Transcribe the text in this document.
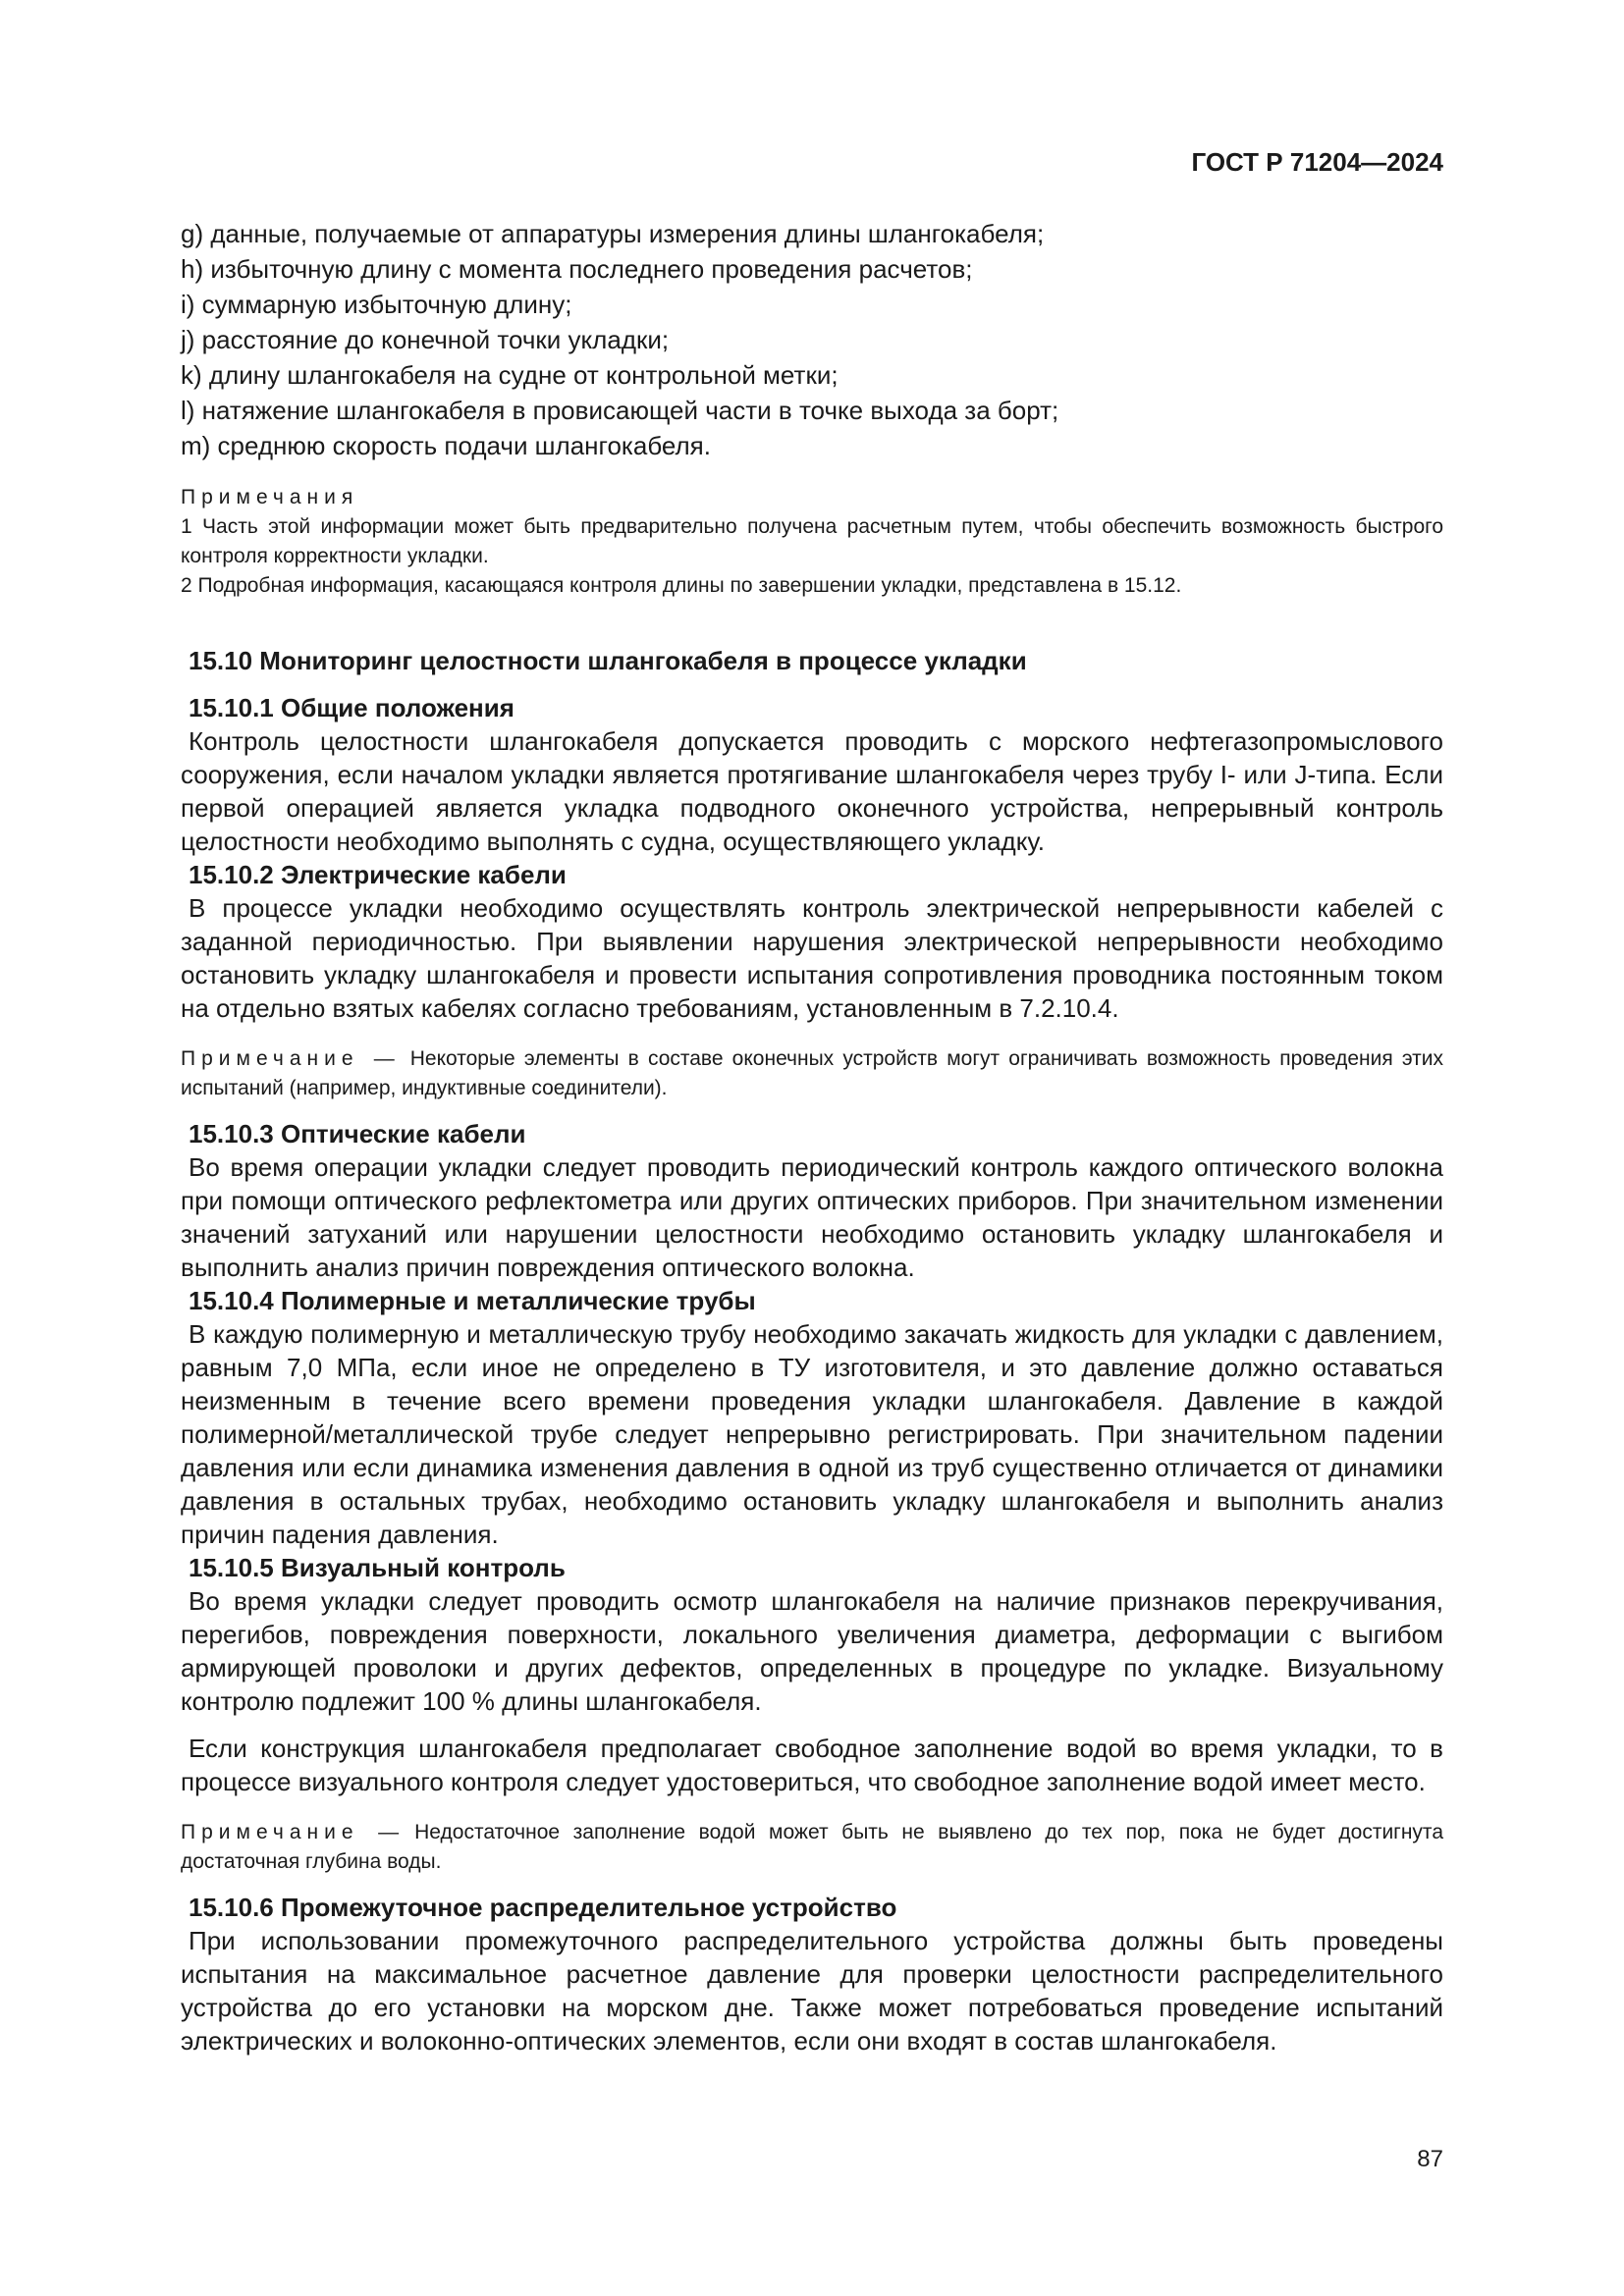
ГОСТ Р 71204—2024

g) данные, получаемые от аппаратуры измерения длины шлангокабеля;

h) избыточную длину с момента последнего проведения расчетов;

i) суммарную избыточную длину;

j) расстояние до конечной точки укладки;

k) длину шлангокабеля на судне от контрольной метки;

l) натяжение шлангокабеля в провисающей части в точке выхода за борт;

m) среднюю скорость подачи шлангокабеля.

Примечания

1 Часть этой информации может быть предварительно получена расчетным путем, чтобы обеспечить возможность быстрого контроля корректности укладки.

2 Подробная информация, касающаяся контроля длины по завершении укладки, представлена в 15.12.

15.10 Мониторинг целостности шлангокабеля в процессе укладки

15.10.1 Общие положения

Контроль целостности шлангокабеля допускается проводить с морского нефтегазопромыслового сооружения, если началом укладки является протягивание шлангокабеля через трубу I- или J-типа. Если первой операцией является укладка подводного оконечного устройства, непрерывный контроль целостности необходимо выполнять с судна, осуществляющего укладку.

15.10.2 Электрические кабели

В процессе укладки необходимо осуществлять контроль электрической непрерывности кабелей с заданной периодичностью. При выявлении нарушения электрической непрерывности необходимо остановить укладку шлангокабеля и провести испытания сопротивления проводника постоянным током на отдельно взятых кабелях согласно требованиям, установленным в 7.2.10.4.

Примечание — Некоторые элементы в составе оконечных устройств могут ограничивать возможность проведения этих испытаний (например, индуктивные соединители).

15.10.3 Оптические кабели

Во время операции укладки следует проводить периодический контроль каждого оптического волокна при помощи оптического рефлектометра или других оптических приборов. При значительном изменении значений затуханий или нарушении целостности необходимо остановить укладку шлангокабеля и выполнить анализ причин повреждения оптического волокна.

15.10.4 Полимерные и металлические трубы

В каждую полимерную и металлическую трубу необходимо закачать жидкость для укладки с давлением, равным 7,0 МПа, если иное не определено в ТУ изготовителя, и это давление должно оставаться неизменным в течение всего времени проведения укладки шлангокабеля. Давление в каждой полимерной/металлической трубе следует непрерывно регистрировать. При значительном падении давления или если динамика изменения давления в одной из труб существенно отличается от динамики давления в остальных трубах, необходимо остановить укладку шлангокабеля и выполнить анализ причин падения давления.

15.10.5 Визуальный контроль

Во время укладки следует проводить осмотр шлангокабеля на наличие признаков перекручивания, перегибов, повреждения поверхности, локального увеличения диаметра, деформации с выгибом армирующей проволоки и других дефектов, определенных в процедуре по укладке. Визуальному контролю подлежит 100 % длины шлангокабеля.

Если конструкция шлангокабеля предполагает свободное заполнение водой во время укладки, то в процессе визуального контроля следует удостовериться, что свободное заполнение водой имеет место.

Примечание — Недостаточное заполнение водой может быть не выявлено до тех пор, пока не будет достигнута достаточная глубина воды.

15.10.6 Промежуточное распределительное устройство

При использовании промежуточного распределительного устройства должны быть проведены испытания на максимальное расчетное давление для проверки целостности распределительного устройства до его установки на морском дне. Также может потребоваться проведение испытаний электрических и волоконно-оптических элементов, если они входят в состав шлангокабеля.

87
